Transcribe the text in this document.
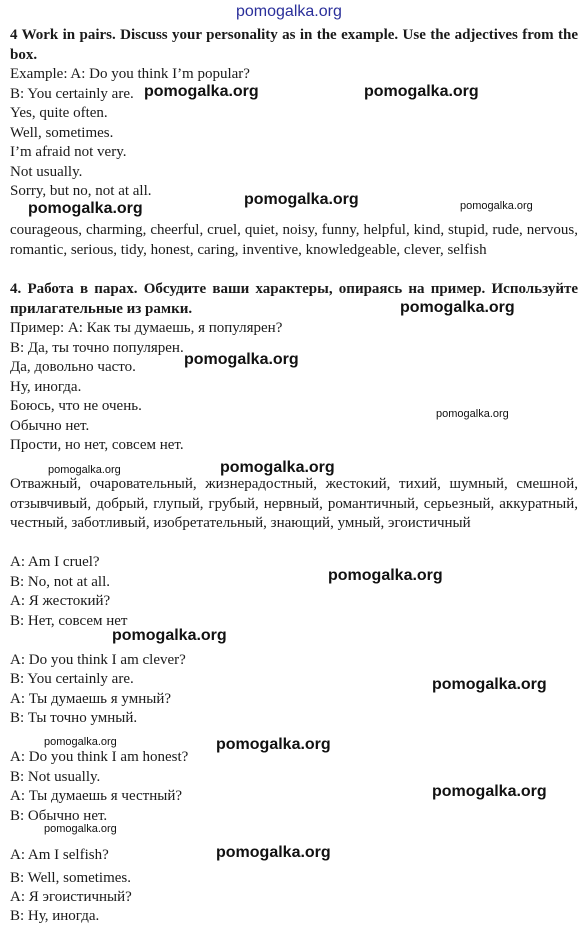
pomogalka.org
4 Work in pairs. Discuss your personality as in the example. Use the adjectives from the box.
Example: A: Do you think I’m popular?
B: You certainly are.
Yes, quite often.
Well, sometimes.
I’m afraid not very.
Not usually.
Sorry, but no, not at all.
courageous, charming, cheerful, cruel, quiet, noisy, funny, helpful, kind, stupid, rude, nervous, romantic, serious, tidy, honest, caring, inventive, knowledgeable, clever, selfish
4. Работа в парах. Обсудите ваши характеры, опираясь на пример. Используйте прилагательные из рамки.
Пример: А: Как ты думаешь, я популярен?
В: Да, ты точно популярен.
Да, довольно часто.
Ну, иногда.
Боюсь, что не очень.
Обычно нет.
Прости, но нет, совсем нет.
Отважный, очаровательный, жизнерадостный, жестокий, тихий, шумный, смешной, отзывчивый, добрый, глупый, грубый, нервный, романтичный, серьезный, аккуратный, честный, заботливый, изобретательный, знающий, умный, эгоистичный
A: Am I cruel?
B: No, not at all.
А: Я жестокий?
В: Нет, совсем нет
A: Do you think I am clever?
B: You certainly are.
А: Ты думаешь я умный?
В: Ты точно умный.
A: Do you think I am honest?
B: Not usually.
А: Ты думаешь я честный?
В: Обычно нет.
A: Am I selfish?
B: Well, sometimes.
А: Я эгоистичный?
В: Ну, иногда.
pomogalka.org	pomogalka.org
pomogalka.org
pomogalka.org	pomogalka.org
pomogalka.org
pomogalka.org
pomogalka.org
pomogalka.org	pomogalka.org
pomogalka.org
pomogalka.org
pomogalka.org
pomogalka.org	pomogalka.org
pomogalka.org
pomogalka.org
pomogalka.org
